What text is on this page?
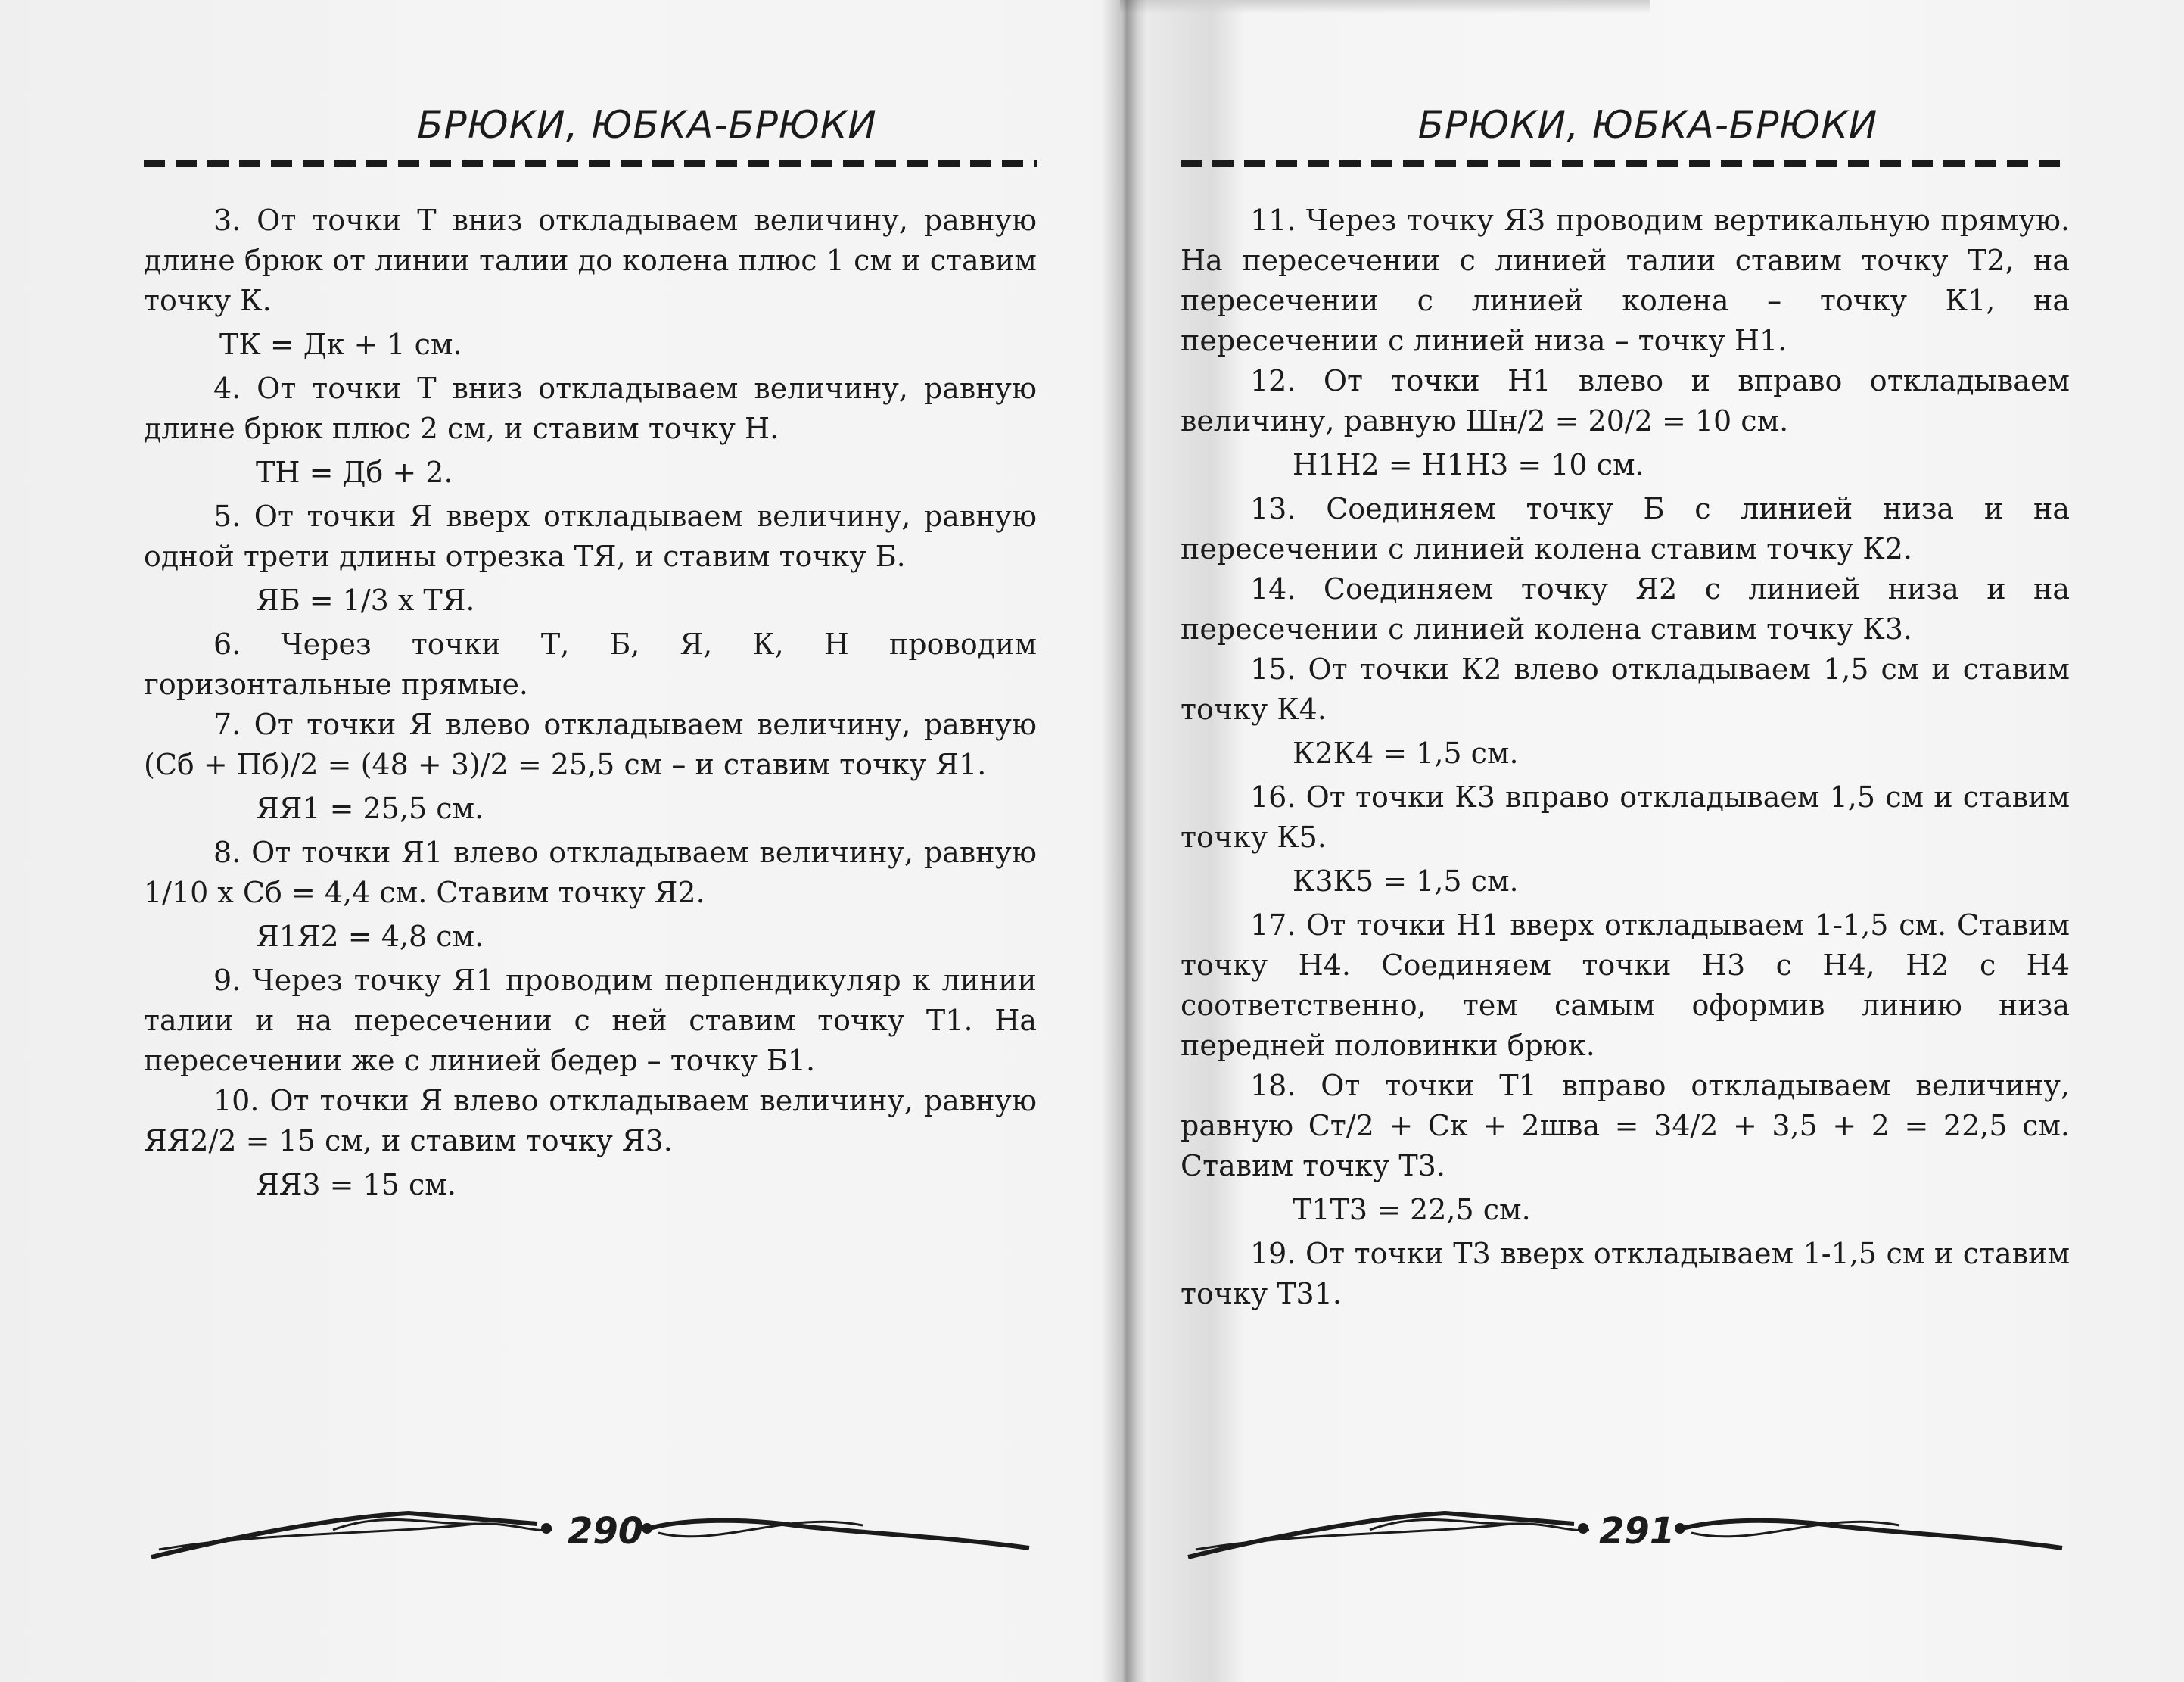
БРЮКИ, ЮБКА-БРЮКИ

3. От точки Т вниз откладываем величину, равную длине брюк от линии талии до колена плюс 1 см и ставим точку К.

ТК = Дк + 1 см.

4. От точки Т вниз откладываем величину, равную длине брюк плюс 2 см, и ставим точку Н.

ТН = Дб + 2.

5. От точки Я вверх откладываем величину, равную одной трети длины отрезка ТЯ, и ставим точку Б.

ЯБ = 1/3 х ТЯ.

6. Через точки Т, Б, Я, К, Н проводим горизонтальные прямые.

7. От точки Я влево откладываем величину, равную (Сб + Пб)/2 = (48 + 3)/2 = 25,5 см – и ставим точку Я1.

ЯЯ1 = 25,5 см.

8. От точки Я1 влево откладываем величину, равную 1/10 х Сб = 4,4 см. Ставим точку Я2.

Я1Я2 = 4,8 см.

9. Через точку Я1 проводим перпендикуляр к линии талии и на пересечении с ней ставим точку Т1. На пересечении же с линией бедер – точку Б1.

10. От точки Я влево откладываем величину, равную ЯЯ2/2 = 15 см, и ставим точку Я3.

ЯЯ3 = 15 см.

290
БРЮКИ, ЮБКА-БРЮКИ

11. Через точку Я3 проводим вертикальную прямую. На пересечении с линией талии ставим точку Т2, на пересечении с линией колена – точку К1, на пересечении с линией низа – точку Н1.

12. От точки Н1 влево и вправо откладываем величину, равную Шн/2 = 20/2 = 10 см.

Н1Н2 = Н1Н3 = 10 см.

13. Соединяем точку Б с линией низа и на пересечении с линией колена ставим точку К2.

14. Соединяем точку Я2 с линией низа и на пересечении с линией колена ставим точку К3.

15. От точки К2 влево откладываем 1,5 см и ставим точку К4.

К2К4 = 1,5 см.

16. От точки К3 вправо откладываем 1,5 см и ставим точку К5.

К3К5 = 1,5 см.

17. От точки Н1 вверх откладываем 1-1,5 см. Ставим точку Н4. Соединяем точки Н3 с Н4, Н2 с Н4 соответственно, тем самым оформив линию низа передней половинки брюк.

18. От точки Т1 вправо откладываем величину, равную Ст/2 + Ск + 2шва = 34/2 + 3,5 + 2 = 22,5 см. Ставим точку Т3.

Т1Т3 = 22,5 см.

19. От точки Т3 вверх откладываем 1-1,5 см и ставим точку Т31.

291
